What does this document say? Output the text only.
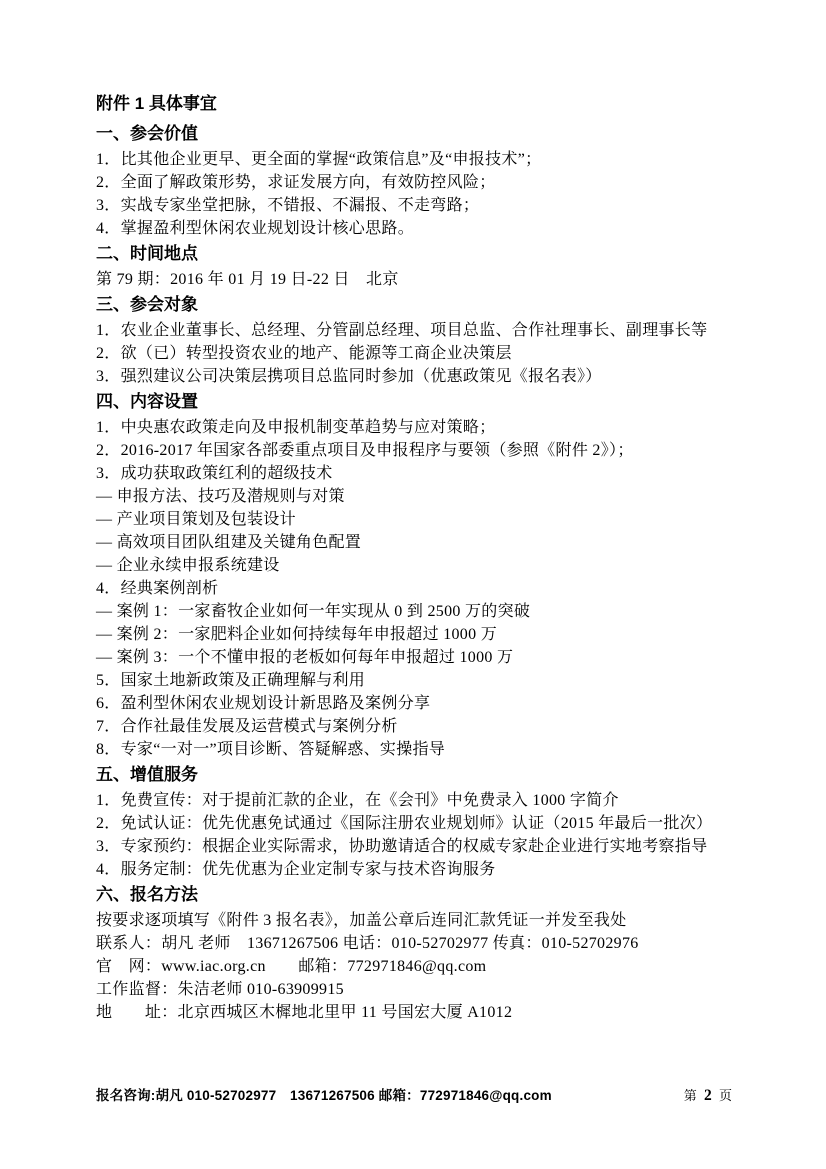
附件 1 具体事宜
一、参会价值

1．比其他企业更早、更全面的掌握“政策信息”及“申报技术”；

2．全面了解政策形势，求证发展方向，有效防控风险；

3．实战专家坐堂把脉，不错报、不漏报、不走弯路；

4．掌握盈利型休闲农业规划设计核心思路。

二、时间地点

第 79 期：2016 年 01 月 19 日-22 日　北京

三、参会对象

1．农业企业董事长、总经理、分管副总经理、项目总监、合作社理事长、副理事长等

2．欲（已）转型投资农业的地产、能源等工商企业决策层

3．强烈建议公司决策层携项目总监同时参加（优惠政策见《报名表》）

四、内容设置

1．中央惠农政策走向及申报机制变革趋势与应对策略；

2．2016-2017 年国家各部委重点项目及申报程序与要领（参照《附件 2》）；

3．成功获取政策红利的超级技术

— 申报方法、技巧及潜规则与对策

— 产业项目策划及包装设计

— 高效项目团队组建及关键角色配置

— 企业永续申报系统建设

4．经典案例剖析

— 案例 1：一家畜牧企业如何一年实现从 0 到 2500 万的突破

— 案例 2：一家肥料企业如何持续每年申报超过 1000 万

— 案例 3：一个不懂申报的老板如何每年申报超过 1000 万

5．国家土地新政策及正确理解与利用

6．盈利型休闲农业规划设计新思路及案例分享

7．合作社最佳发展及运营模式与案例分析

8．专家“一对一”项目诊断、答疑解惑、实操指导

五、增值服务

1．免费宣传：对于提前汇款的企业，在《会刊》中免费录入 1000 字简介

2．免试认证：优先优惠免试通过《国际注册农业规划师》认证（2015 年最后一批次）

3．专家预约：根据企业实际需求，协助邀请适合的权威专家赴企业进行实地考察指导

4．服务定制：优先优惠为企业定制专家与技术咨询服务

六、报名方法

按要求逐项填写《附件 3 报名表》，加盖公章后连同汇款凭证一并发至我处

联系人：胡凡 老师　13671267506 电话：010-52702977 传真：010-52702976

官　网：www.iac.org.cn　　邮箱：772971846@qq.com

工作监督：朱洁老师 010-63909915

地　　址：北京西城区木樨地北里甲 11 号国宏大厦 A1012

报名咨询:胡凡 010-52702977　13671267506 邮箱：772971846@qq.com	第 2 页
